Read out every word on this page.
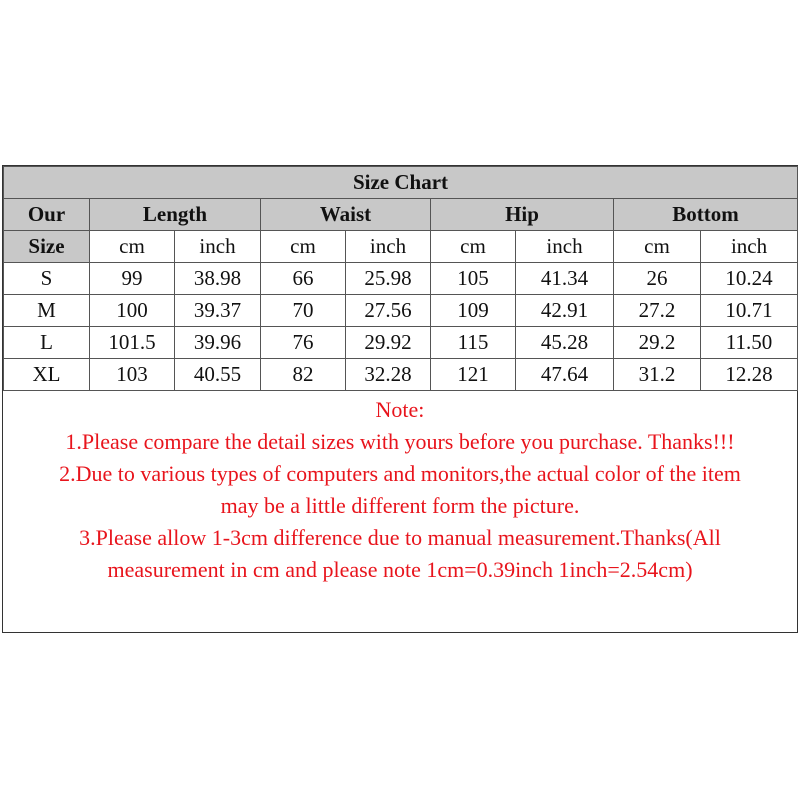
Size Chart								
Our	Length		Waist		Hip		Bottom	
Size	cm	inch	cm	inch	cm	inch	cm	inch
S	99	38.98	66	25.98	105	41.34	26	10.24
M	100	39.37	70	27.56	109	42.91	27.2	10.71
L	101.5	39.96	76	29.92	115	45.28	29.2	11.50
XL	103	40.55	82	32.28	121	47.64	31.2	12.28

Note:

1.Please compare the detail sizes with yours before you purchase. Thanks!!!

2.Due to various types of computers and monitors,the actual color of the item

may be a little different form the picture.

3.Please allow 1-3cm difference due to manual measurement.Thanks(All

measurement in cm and please note 1cm=0.39inch 1inch=2.54cm)
